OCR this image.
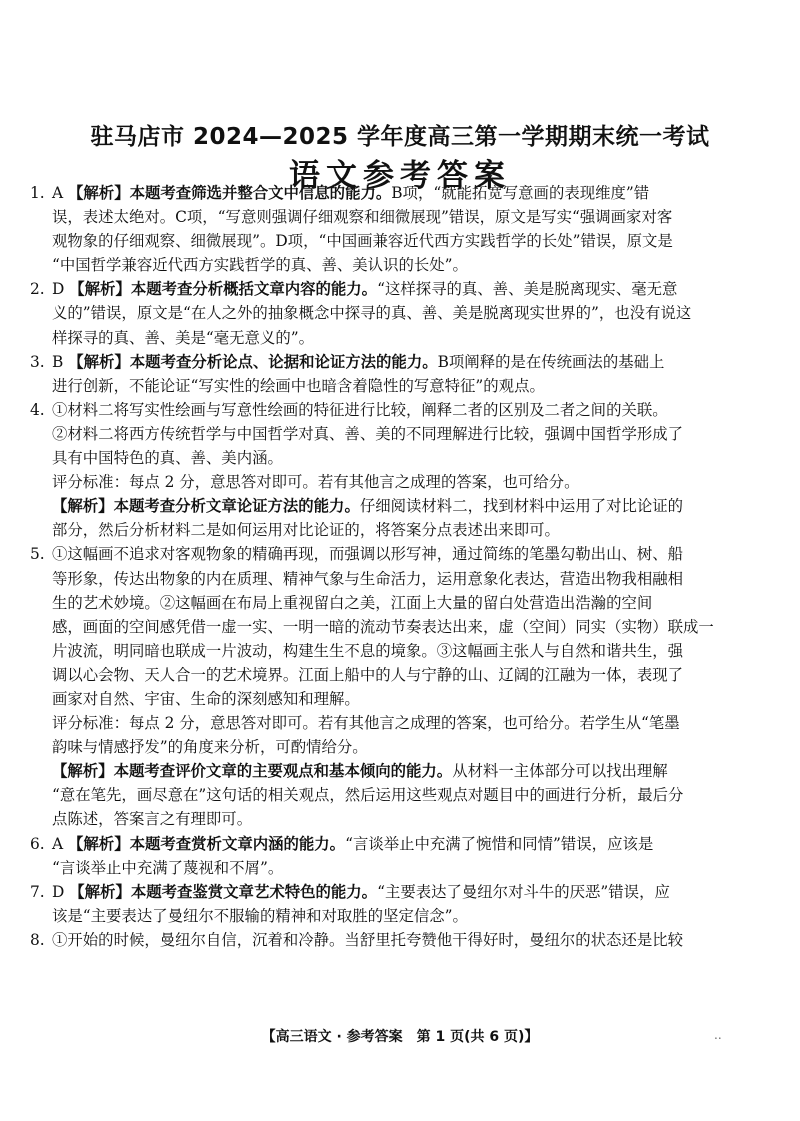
驻马店市 2024—2025 学年度高三第一学期期末统一考试
语文参考答案
1. A 【解析】本题考查筛选并整合文中信息的能力。B项，“就能拓宽写意画的表现维度”错
误，表述太绝对。C项，“写意则强调仔细观察和细微展现”错误，原文是写实“强调画家对客
观物象的仔细观察、细微展现”。D项，“中国画兼容近代西方实践哲学的长处”错误，原文是
“中国哲学兼容近代西方实践哲学的真、善、美认识的长处”。
2. D 【解析】本题考查分析概括文章内容的能力。“这样探寻的真、善、美是脱离现实、毫无意
义的”错误，原文是“在人之外的抽象概念中探寻的真、善、美是脱离现实世界的”，也没有说这
样探寻的真、善、美是“毫无意义的”。
3. B 【解析】本题考查分析论点、论据和论证方法的能力。B项阐释的是在传统画法的基础上
进行创新，不能论证“写实性的绘画中也暗含着隐性的写意特征”的观点。
4. ①材料二将写实性绘画与写意性绘画的特征进行比较，阐释二者的区别及二者之间的关联。
②材料二将西方传统哲学与中国哲学对真、善、美的不同理解进行比较，强调中国哲学形成了
具有中国特色的真、善、美内涵。
评分标准：每点 2 分，意思答对即可。若有其他言之成理的答案，也可给分。
【解析】本题考查分析文章论证方法的能力。仔细阅读材料二，找到材料中运用了对比论证的
部分，然后分析材料二是如何运用对比论证的，将答案分点表述出来即可。
5. ①这幅画不追求对客观物象的精确再现，而强调以形写神，通过简练的笔墨勾勒出山、树、船
等形象，传达出物象的内在质理、精神气象与生命活力，运用意象化表达，营造出物我相融相
生的艺术妙境。②这幅画在布局上重视留白之美，江面上大量的留白处营造出浩瀚的空间
感，画面的空间感凭借一虚一实、一明一暗的流动节奏表达出来，虚（空间）同实（实物）联成一
片波流，明同暗也联成一片波动，构建生生不息的境象。③这幅画主张人与自然和谐共生，强
调以心会物、天人合一的艺术境界。江面上船中的人与宁静的山、辽阔的江融为一体，表现了
画家对自然、宇宙、生命的深刻感知和理解。
评分标准：每点 2 分，意思答对即可。若有其他言之成理的答案，也可给分。若学生从“笔墨
韵味与情感抒发”的角度来分析，可酌情给分。
【解析】本题考查评价文章的主要观点和基本倾向的能力。从材料一主体部分可以找出理解
“意在笔先，画尽意在”这句话的相关观点，然后运用这些观点对题目中的画进行分析，最后分
点陈述，答案言之有理即可。
6. A 【解析】本题考查赏析文章内涵的能力。“言谈举止中充满了惋惜和同情”错误，应该是
“言谈举止中充满了蔑视和不屑”。
7. D 【解析】本题考查鉴赏文章艺术特色的能力。“主要表达了曼纽尔对斗牛的厌恶”错误，应
该是“主要表达了曼纽尔不服输的精神和对取胜的坚定信念”。
8. ①开始的时候，曼纽尔自信，沉着和冷静。当舒里托夸赞他干得好时，曼纽尔的状态还是比较
【高三语文 · 参考答案　第 1 页(共 6 页)】	..
